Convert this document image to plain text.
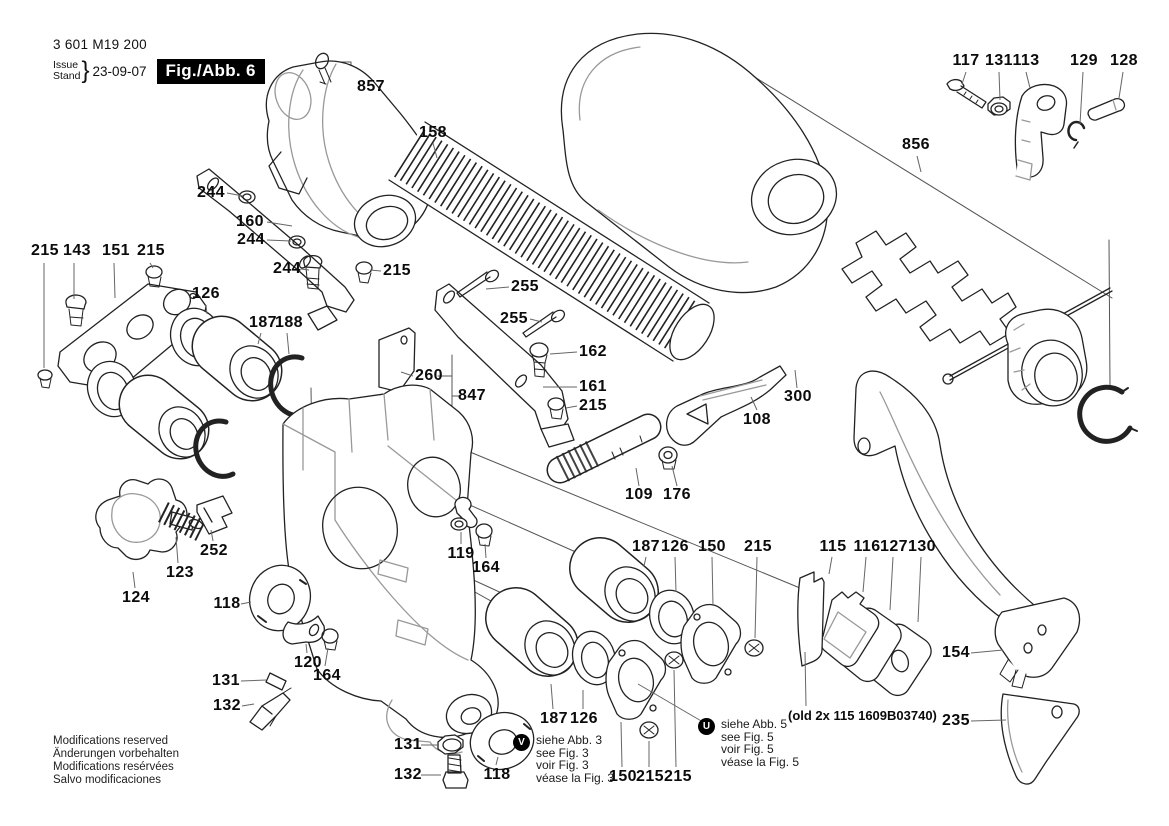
857
158
244
160
244
244	215
255
255
162
161
215
260
847
108
300
109 176
856
117 131 113 129 128
215 143 151 215
126
187
188
252
123
124	118
120
164
131
132
119
164
187 126 150 215	115 116 127 130
154
235
187 126
150 215 215
131
132	118
3 601 M19 200
Issue
Stand } 23-09-07	Fig./Abb. 6
V siehe Abb. 3
see Fig. 3
voir Fig. 3
véase la Fig. 3
U siehe Abb. 5
see Fig. 5
voir Fig. 5
véase la Fig. 5
(old 2x 115 1609B03740)
Modifications reserved
Änderungen vorbehalten
Modifications resérvées
Salvo modificaciones
